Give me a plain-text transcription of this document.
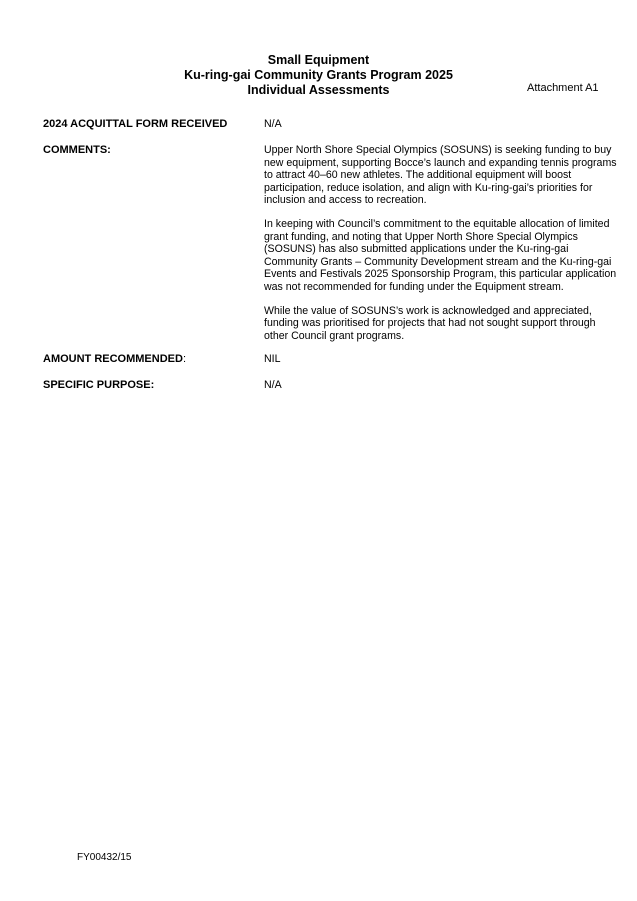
Small Equipment
Ku-ring-gai Community Grants Program 2025
Individual Assessments	Attachment A1
2024 ACQUITTAL FORM RECEIVED	N/A
COMMENTS:	Upper North Shore Special Olympics (SOSUNS) is seeking funding to buy new equipment, supporting Bocce’s launch and expanding tennis programs to attract 40–60 new athletes. The additional equipment will boost participation, reduce isolation, and align with Ku-ring-gai’s priorities for inclusion and access to recreation.

In keeping with Council’s commitment to the equitable allocation of limited grant funding, and noting that Upper North Shore Special Olympics (SOSUNS) has also submitted applications under the Ku-ring-gai Community Grants – Community Development stream and the Ku-ring-gai Events and Festivals 2025 Sponsorship Program, this particular application was not recommended for funding under the Equipment stream.

While the value of SOSUNS’s work is acknowledged and appreciated, funding was prioritised for projects that had not sought support through other Council grant programs.

AMOUNT RECOMMENDED:	NIL
SPECIFIC PURPOSE:	N/A
FY00432/15
